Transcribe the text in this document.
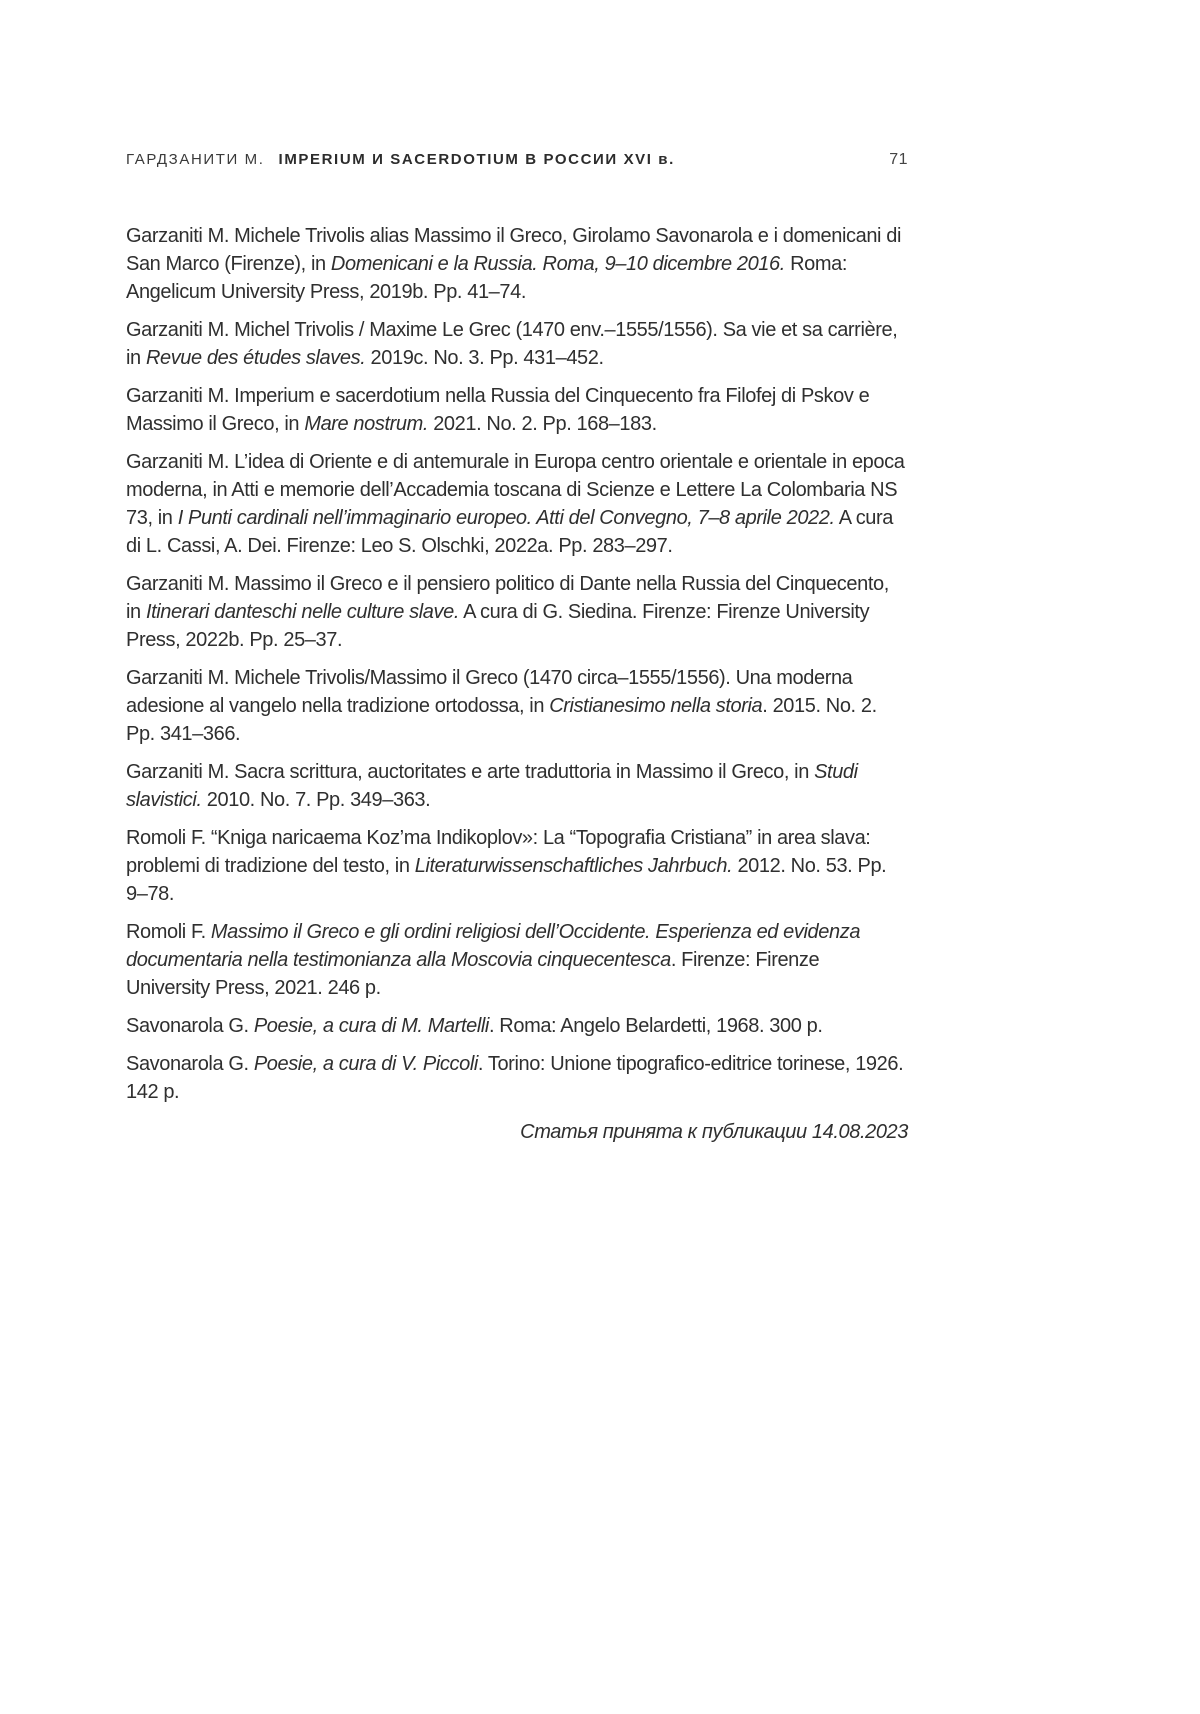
ГАРДЗАНИТИ М. IMPERIUM И SACERDOTIUM В РОССИИ XVI в.	71

Garzaniti M. Michele Trivolis alias Massimo il Greco, Girolamo Savonarola e i domenicani di San Marco (Firenze), in Domenicani e la Russia. Roma, 9–10 dicembre 2016. Roma: Angelicum University Press, 2019b. Pp. 41–74.

Garzaniti M. Michel Trivolis / Maxime Le Grec (1470 env.–1555/1556). Sa vie et sa carrière, in Revue des études slaves. 2019c. No. 3. Pp. 431–452.

Garzaniti M. Imperium e sacerdotium nella Russia del Cinquecento fra Filofej di Pskov e Massimo il Greco, in Mare nostrum. 2021. No. 2. Pp. 168–183.

Garzaniti M. L’idea di Oriente e di antemurale in Europa centro orientale e orientale in epoca moderna, in Atti e memorie dell’Accademia toscana di Scienze e Lettere La Colombaria NS 73, in I Punti cardinali nell’immaginario europeo. Atti del Convegno, 7–8 aprile 2022. A cura di L. Cassi, A. Dei. Firenze: Leo S. Olschki, 2022a. Pp. 283–297.

Garzaniti M. Massimo il Greco e il pensiero politico di Dante nella Russia del Cinquecento, in Itinerari danteschi nelle culture slave. A cura di G. Siedina. Firenze: Firenze University Press, 2022b. Pp. 25–37.

Garzaniti M. Michele Trivolis/Massimo il Greco (1470 circa–1555/1556). Una moderna adesione al vangelo nella tradizione ortodossa, in Cristianesimo nella storia. 2015. No. 2. Pp. 341–366.

Garzaniti M. Sacra scrittura, auctoritates e arte traduttoria in Massimo il Greco, in Studi slavistici. 2010. No. 7. Pp. 349–363.

Romoli F. “Kniga naricaema Koz’ma Indikoplov»: La “Topografia Cristiana” in area slava: problemi di tradizione del testo, in Literaturwissenschaftliches Jahrbuch. 2012. No. 53. Pp. 9–78.

Romoli F. Massimo il Greco e gli ordini religiosi dell’Occidente. Esperienza ed evidenza documentaria nella testimonianza alla Moscovia cinquecentesca. Firenze: Firenze University Press, 2021. 246 p.

Savonarola G. Poesie, a cura di M. Martelli. Roma: Angelo Belardetti, 1968. 300 p.

Savonarola G. Poesie, a cura di V. Piccoli. Torino: Unione tipografico-editrice torinese, 1926. 142 p.

Статья принята к публикации 14.08.2023
